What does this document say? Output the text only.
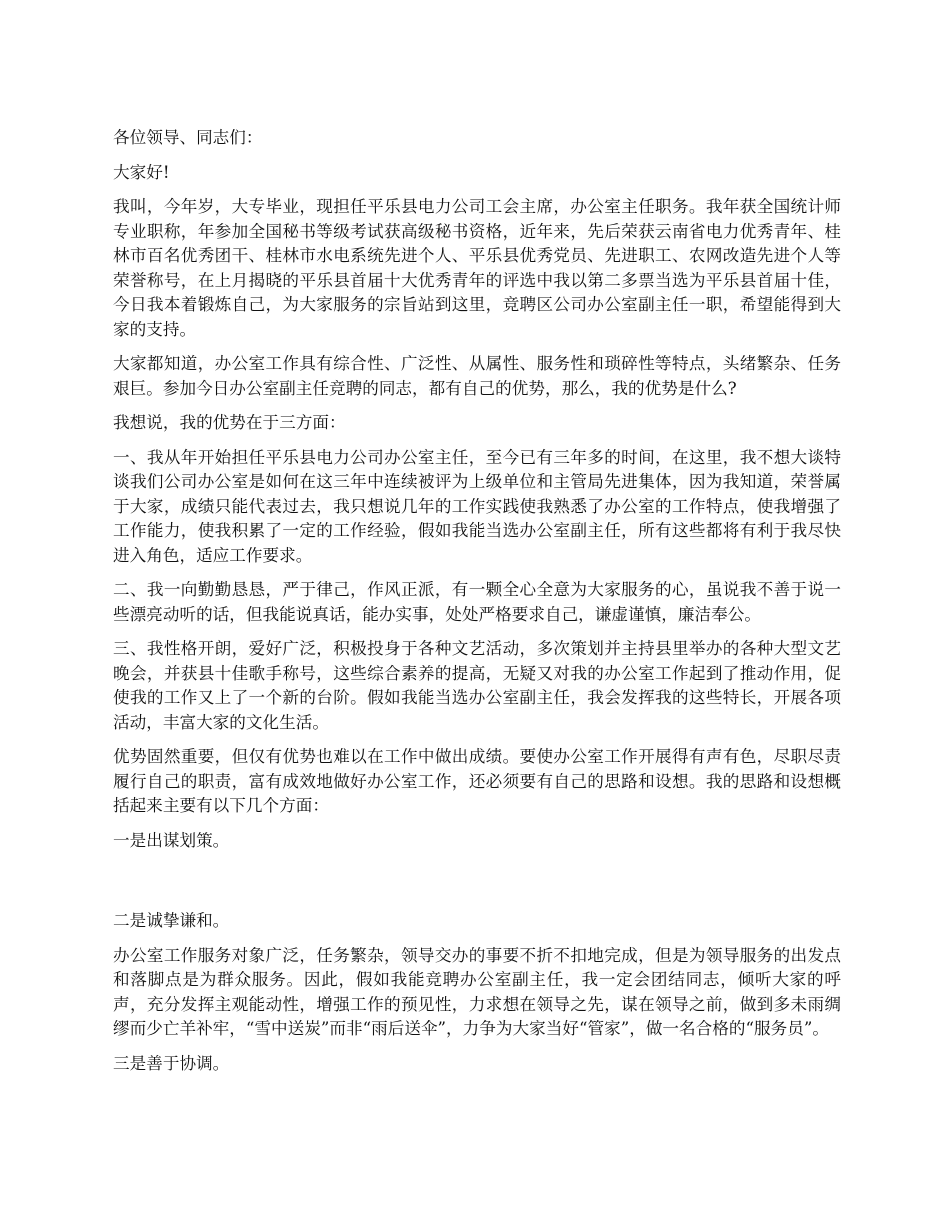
各位领导、同志们：

大家好!

我叫，今年岁，大专毕业，现担任平乐县电力公司工会主席，办公室主任职务。我年获全国统计师专业职称，年参加全国秘书等级考试获高级秘书资格，近年来，先后荣获云南省电力优秀青年、桂林市百名优秀团干、桂林市水电系统先进个人、平乐县优秀党员、先进职工、农网改造先进个人等荣誉称号，在上月揭晓的平乐县首届十大优秀青年的评选中我以第二多票当选为平乐县首届十佳，今日我本着锻炼自己，为大家服务的宗旨站到这里，竞聘区公司办公室副主任一职，希望能得到大家的支持。

大家都知道，办公室工作具有综合性、广泛性、从属性、服务性和琐碎性等特点，头绪繁杂、任务艰巨。参加今日办公室副主任竞聘的同志，都有自己的优势，那么，我的优势是什么?

我想说，我的优势在于三方面：

一、我从年开始担任平乐县电力公司办公室主任，至今已有三年多的时间，在这里，我不想大谈特谈我们公司办公室是如何在这三年中连续被评为上级单位和主管局先进集体，因为我知道，荣誉属于大家，成绩只能代表过去，我只想说几年的工作实践使我熟悉了办公室的工作特点，使我增强了工作能力，使我积累了一定的工作经验，假如我能当选办公室副主任，所有这些都将有利于我尽快进入角色，适应工作要求。

二、我一向勤勤恳恳，严于律己，作风正派，有一颗全心全意为大家服务的心，虽说我不善于说一些漂亮动听的话，但我能说真话，能办实事，处处严格要求自己，谦虚谨慎，廉洁奉公。

三、我性格开朗，爱好广泛，积极投身于各种文艺活动，多次策划并主持县里举办的各种大型文艺晚会，并获县十佳歌手称号，这些综合素养的提高，无疑又对我的办公室工作起到了推动作用，促使我的工作又上了一个新的台阶。假如我能当选办公室副主任，我会发挥我的这些特长，开展各项活动，丰富大家的文化生活。

优势固然重要，但仅有优势也难以在工作中做出成绩。要使办公室工作开展得有声有色，尽职尽责履行自己的职责，富有成效地做好办公室工作，还必须要有自己的思路和设想。我的思路和设想概括起来主要有以下几个方面：

一是出谋划策。

二是诚挚谦和。

办公室工作服务对象广泛，任务繁杂，领导交办的事要不折不扣地完成，但是为领导服务的出发点和落脚点是为群众服务。因此，假如我能竞聘办公室副主任，我一定会团结同志，倾听大家的呼声，充分发挥主观能动性，增强工作的预见性，力求想在领导之先，谋在领导之前，做到多未雨绸缪而少亡羊补牢，“雪中送炭”而非“雨后送伞”，力争为大家当好“管家”，做一名合格的“服务员”。

三是善于协调。
